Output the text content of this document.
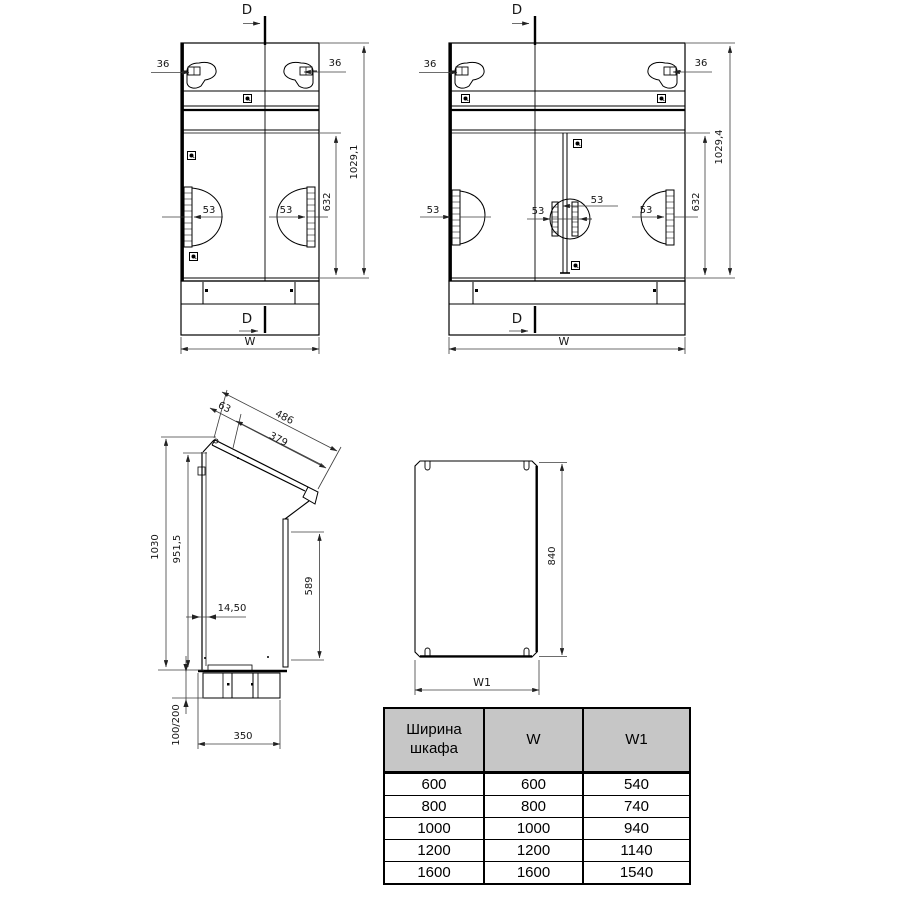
D
36	36
53	53	632
1029,1
D
W
D
36	36
53	53
53
53	632
1029,4
D
W
63
486
379
1030 951,5
14,50
589
100/200	350
840
W1
Ширина шкафа	W	W1
600	600	540
800	800	740
1000	1000	940
1200	1200	1140
1600	1600	1540
